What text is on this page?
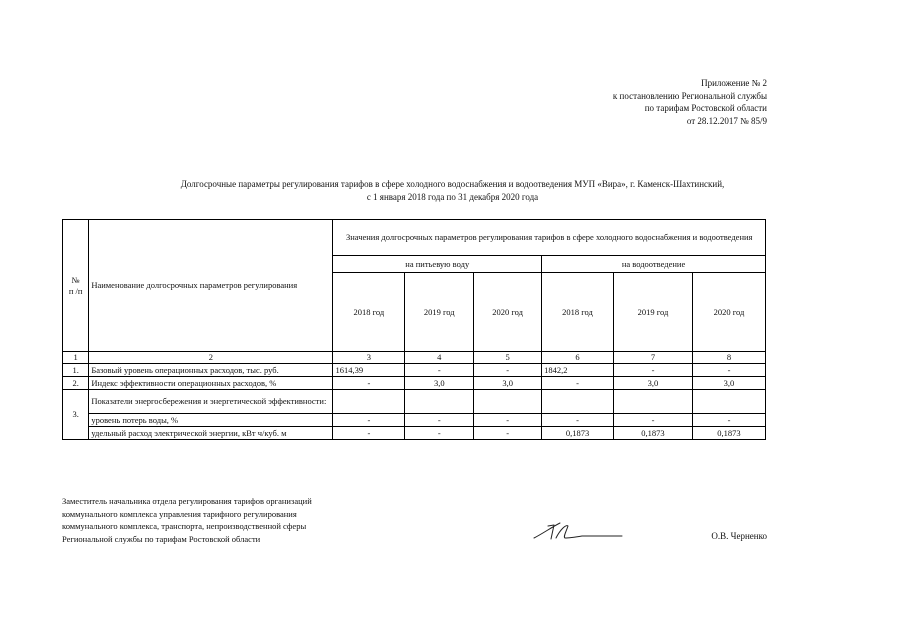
Приложение № 2
к постановлению Региональной службы
по тарифам Ростовской области
от 28.12.2017 № 85/9
Долгосрочные параметры регулирования тарифов в сфере холодного водоснабжения и водоотведения МУП «Вира», г. Каменск-Шахтинский,
с 1 января 2018 года по 31 декабря 2020 года
№
п /п	Наименование долгосрочных параметров регулирования	Значения долгосрочных параметров регулирования тарифов в сфере холодного водоснабжения и водоотведения					
		на питьевую воду			на водоотведение		
		2018 год	2019 год	2020 год	2018 год	2019 год	2020 год
1	2	3	4	5	6	7	8
1.	Базовый уровень операционных расходов, тыс. руб.	1614,39	-	-	1842,2	-	-
2.	Индекс эффективности операционных расходов, %	-	3,0	3,0	-	3,0	3,0
3.	Показатели энергосбережения и энергетической эффективности:						
	уровень потерь воды, %	-	-	-	-	-	-
	удельный расход электрической энергии, кВт ч/куб. м	-	-	-	0,1873	0,1873	0,1873
Заместитель начальника отдела регулирования тарифов организаций
коммунального комплекса управления тарифного регулирования
коммунального комплекса, транспорта, непроизводственной сферы
Региональной службы по тарифам Ростовской области	О.В. Черненко
